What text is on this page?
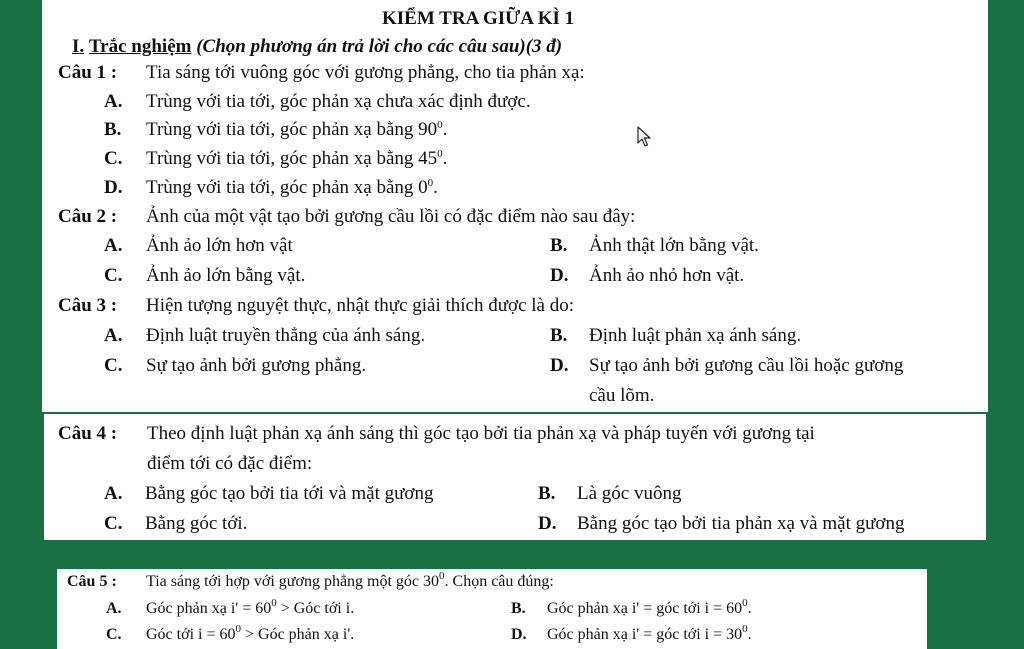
KIỂM TRA GIỮA KÌ 1
I. Trắc nghiệm (Chọn phương án trả lời cho các câu sau)(3 đ)
Câu 1 : Tia sáng tới vuông góc với gương phẳng, cho tia phản xạ:
A. Trùng với tia tới, góc phản xạ chưa xác định được.
B. Trùng với tia tới, góc phản xạ bằng $90^0$.
C. Trùng với tia tới, góc phản xạ bằng $45^0$.
D. Trùng với tia tới, góc phản xạ bằng $0^0$.
Câu 2 : Ảnh của một vật tạo bởi gương cầu lồi có đặc điểm nào sau đây:
A. Ảnh ảo lớn hơn vật	B. Ảnh thật lớn bằng vật.
C. Ảnh ảo lớn bằng vật.	D. Ảnh ảo nhỏ hơn vật.
Câu 3 : Hiện tượng nguyệt thực, nhật thực giải thích được là do:
A. Định luật truyền thẳng của ánh sáng.	B. Định luật phản xạ ánh sáng.
C. Sự tạo ảnh bởi gương phẳng.	D. Sự tạo ảnh bởi gương cầu lồi hoặc gương
cầu lõm.
Câu 4 : Theo định luật phản xạ ánh sáng thì góc tạo bởi tia phản xạ và pháp tuyến với gương tại
điểm tới có đặc điểm:
A. Bằng góc tạo bởi tia tới và mặt gương	B. Là góc vuông
C. Bằng góc tới.	D. Bằng góc tạo bởi tia phản xạ và mặt gương
Câu 5 : Tia sáng tới hợp với gương phẳng một góc $30^0$. Chọn câu đúng:
A. Góc phản xạ $i' = 60^0$ > Góc tới i.	B. Góc phản xạ i' = góc tới $i = 60^0$.
C. Góc tới $i = 60^0$ > Góc phản xạ i'.	D. Góc phản xạ i' = góc tới $i = 30^0$.
